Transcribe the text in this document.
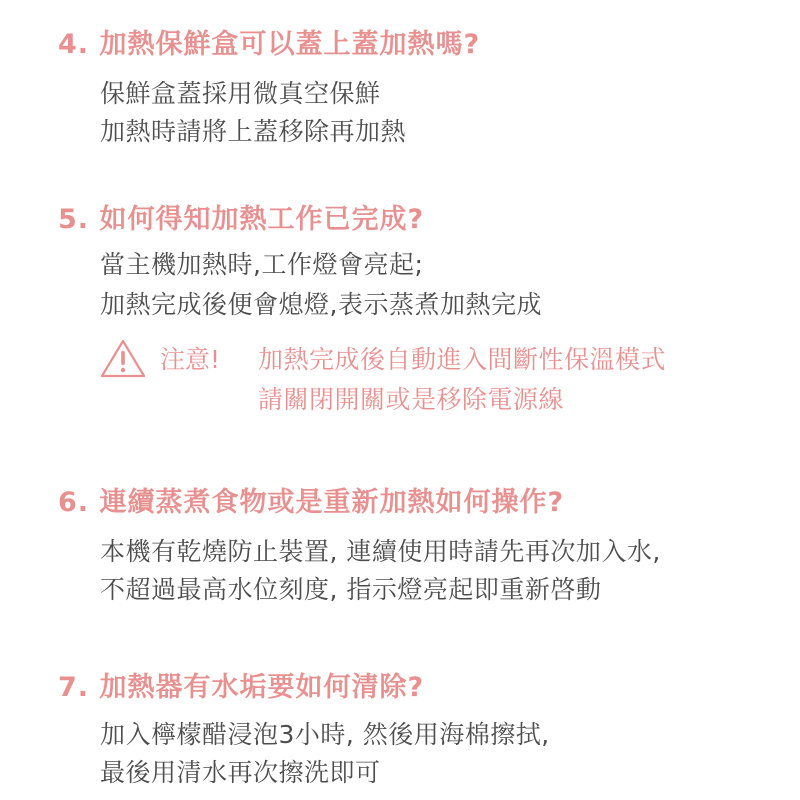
4. 加熱保鮮盒可以蓋上蓋加熱嗎?
保鮮盒蓋採用微真空保鮮
加熱時請將上蓋移除再加熱
5. 如何得知加熱工作已完成?
當主機加熱時,工作燈會亮起;
加熱完成後便會熄燈,表示蒸煮加熱完成
注意! 加熱完成後自動進入間斷性保溫模式
請關閉開關或是移除電源線
6. 連續蒸煮食物或是重新加熱如何操作?
本機有乾燒防止裝置, 連續使用時請先再次加入水,
不超過最高水位刻度, 指示燈亮起即重新啓動
7. 加熱器有水垢要如何清除?
加入檸檬醋浸泡3小時, 然後用海棉擦拭,
最後用清水再次擦洗即可
